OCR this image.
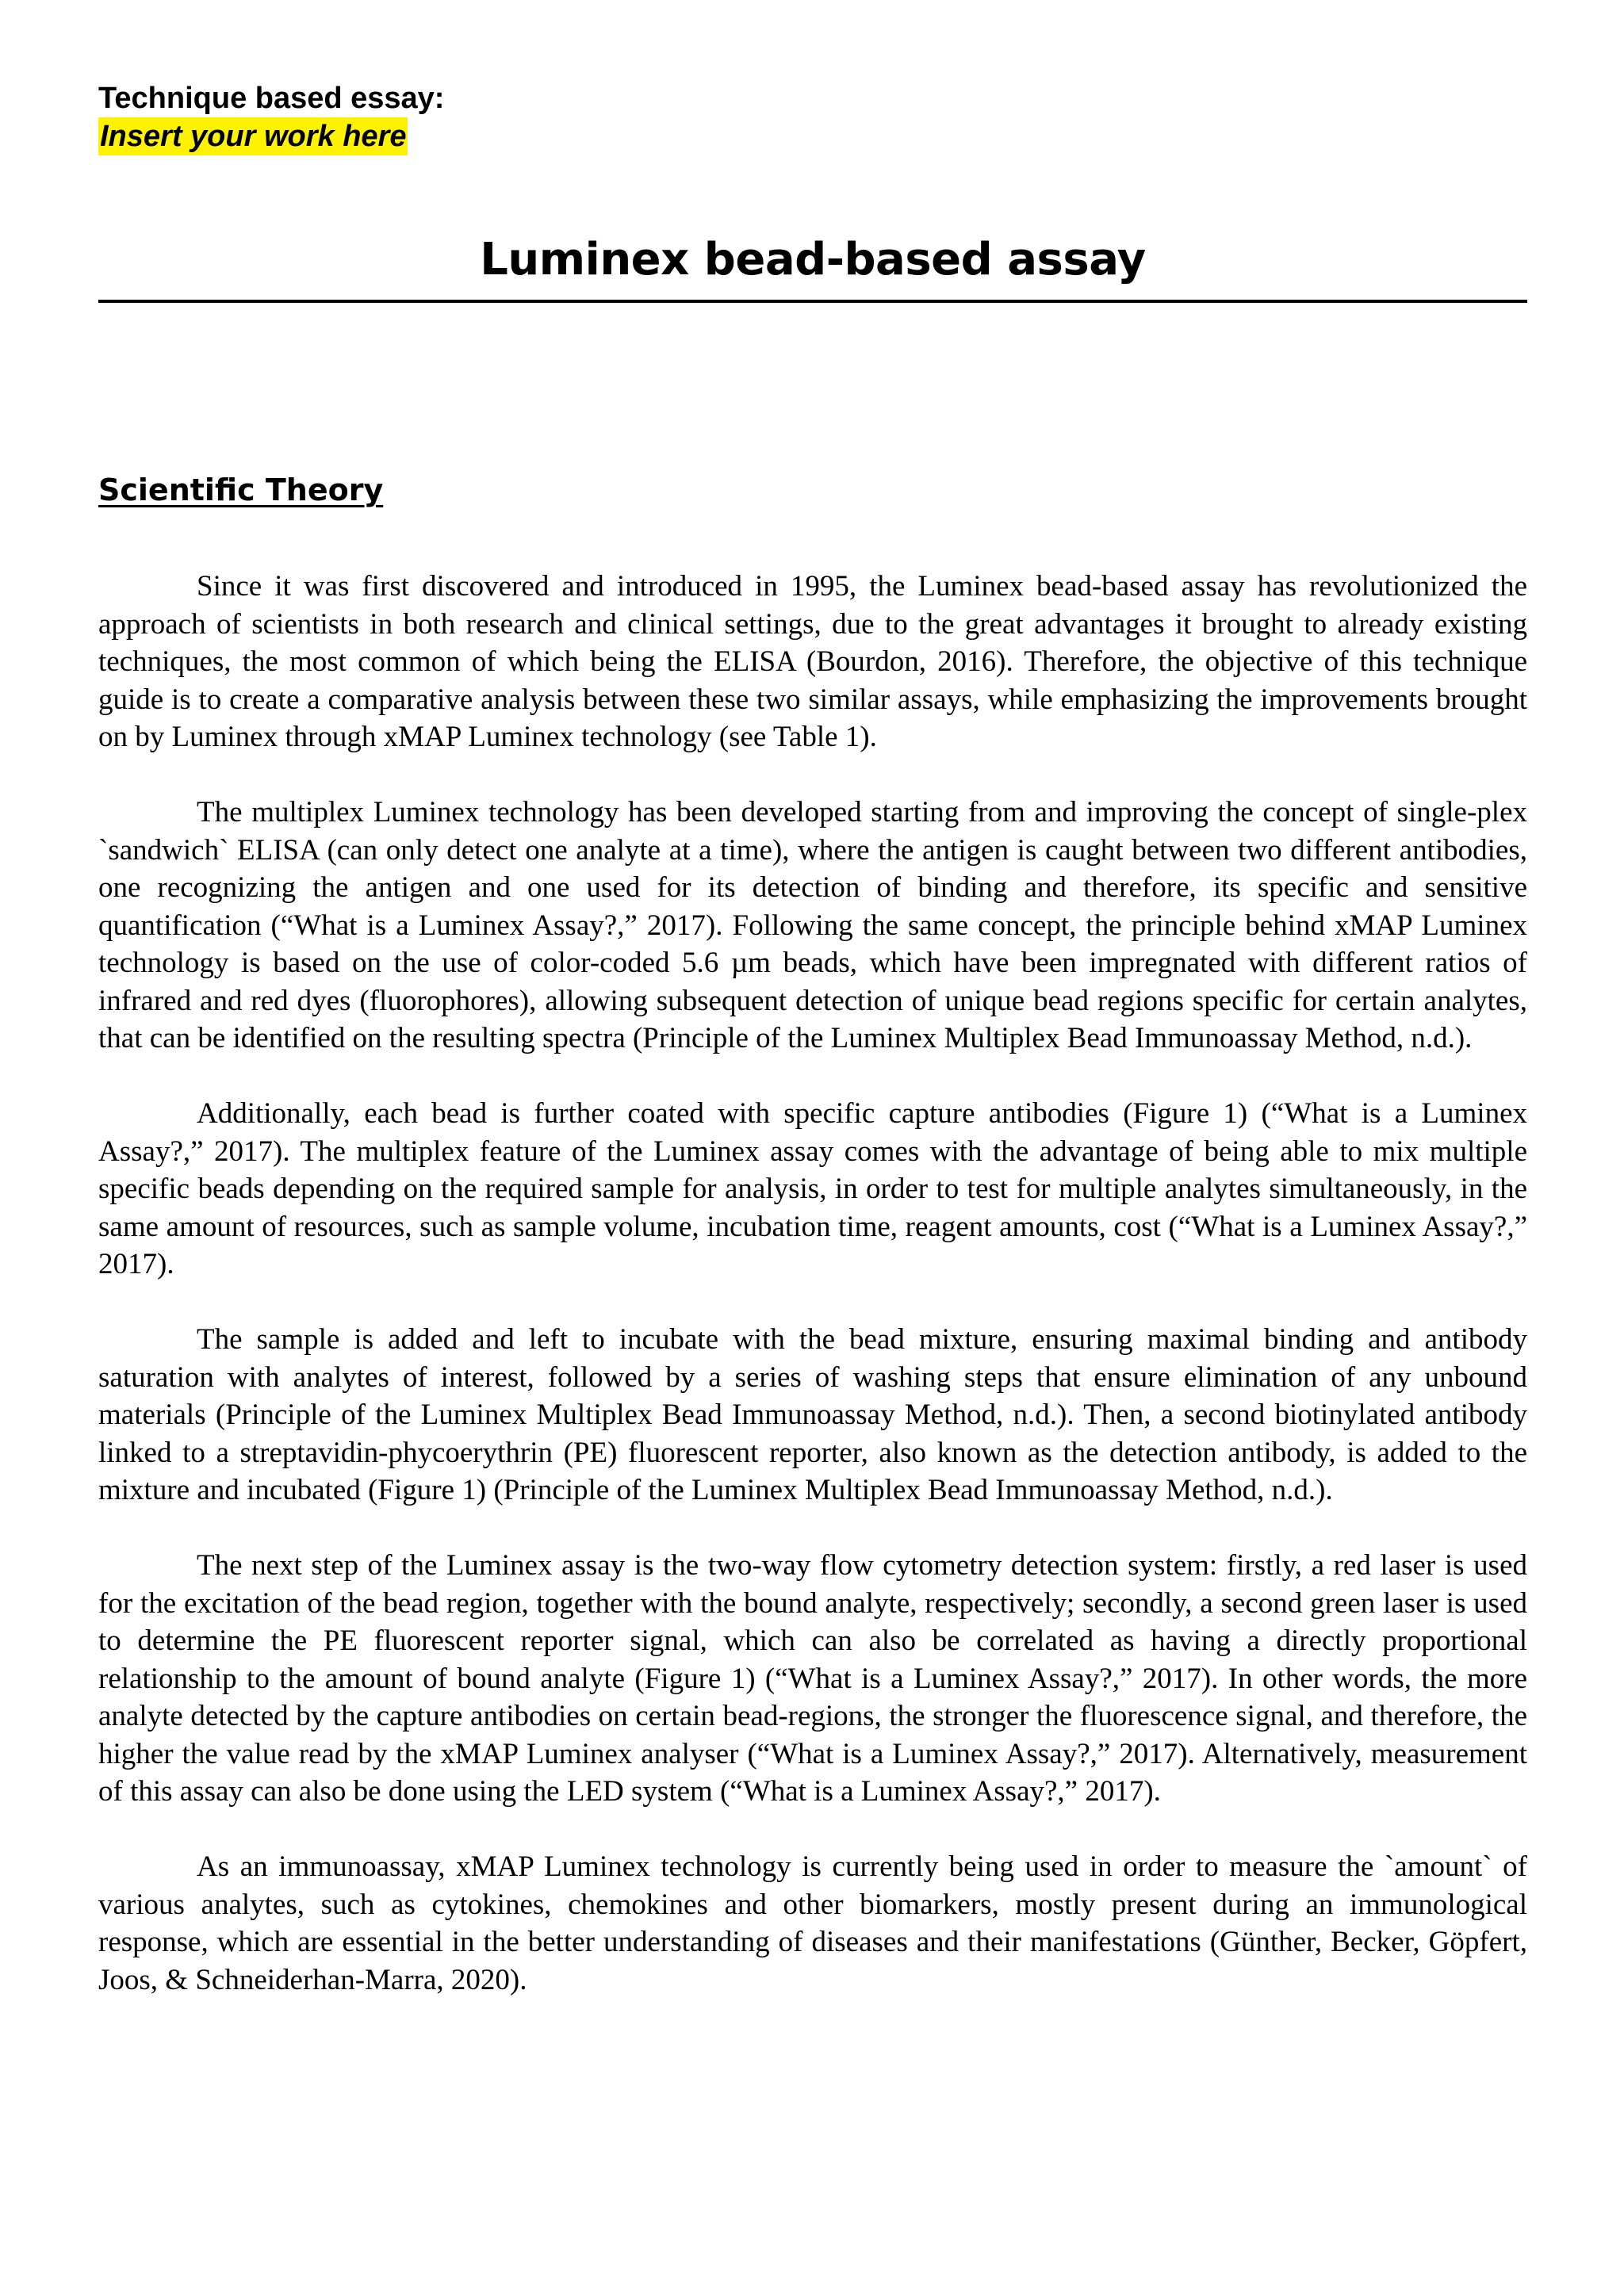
Technique based essay:
Insert your work here
Luminex bead-based assay
Scientific Theory

Since it was first discovered and introduced in 1995, the Luminex bead-based assay has revolutionized the approach of scientists in both research and clinical settings, due to the great advantages it brought to already existing techniques, the most common of which being the ELISA (Bourdon, 2016). Therefore, the objective of this technique guide is to create a comparative analysis between these two similar assays, while emphasizing the improvements brought on by Luminex through xMAP Luminex technology (see Table 1).

The multiplex Luminex technology has been developed starting from and improving the concept of single-plex `sandwich` ELISA (can only detect one analyte at a time), where the antigen is caught between two different antibodies, one recognizing the antigen and one used for its detection of binding and therefore, its specific and sensitive quantification (“What is a Luminex Assay?,” 2017). Following the same concept, the principle behind xMAP Luminex technology is based on the use of color-coded 5.6 µm beads, which have been impregnated with different ratios of infrared and red dyes (fluorophores), allowing subsequent detection of unique bead regions specific for certain analytes, that can be identified on the resulting spectra (Principle of the Luminex Multiplex Bead Immunoassay Method, n.d.).

Additionally, each bead is further coated with specific capture antibodies (Figure 1) (“What is a Luminex Assay?,” 2017). The multiplex feature of the Luminex assay comes with the advantage of being able to mix multiple specific beads depending on the required sample for analysis, in order to test for multiple analytes simultaneously, in the same amount of resources, such as sample volume, incubation time, reagent amounts, cost (“What is a Luminex Assay?,” 2017).

The sample is added and left to incubate with the bead mixture, ensuring maximal binding and antibody saturation with analytes of interest, followed by a series of washing steps that ensure elimination of any unbound materials (Principle of the Luminex Multiplex Bead Immunoassay Method, n.d.). Then, a second biotinylated antibody linked to a streptavidin-phycoerythrin (PE) fluorescent reporter, also known as the detection antibody, is added to the mixture and incubated (Figure 1) (Principle of the Luminex Multiplex Bead Immunoassay Method, n.d.).

The next step of the Luminex assay is the two-way flow cytometry detection system: firstly, a red laser is used for the excitation of the bead region, together with the bound analyte, respectively; secondly, a second green laser is used to determine the PE fluorescent reporter signal, which can also be correlated as having a directly proportional relationship to the amount of bound analyte (Figure 1) (“What is a Luminex Assay?,” 2017). In other words, the more analyte detected by the capture antibodies on certain bead-regions, the stronger the fluorescence signal, and therefore, the higher the value read by the xMAP Luminex analyser (“What is a Luminex Assay?,” 2017). Alternatively, measurement of this assay can also be done using the LED system (“What is a Luminex Assay?,” 2017).

As an immunoassay, xMAP Luminex technology is currently being used in order to measure the `amount` of various analytes, such as cytokines, chemokines and other biomarkers, mostly present during an immunological response, which are essential in the better understanding of diseases and their manifestations (Günther, Becker, Göpfert, Joos, & Schneiderhan-Marra, 2020).
